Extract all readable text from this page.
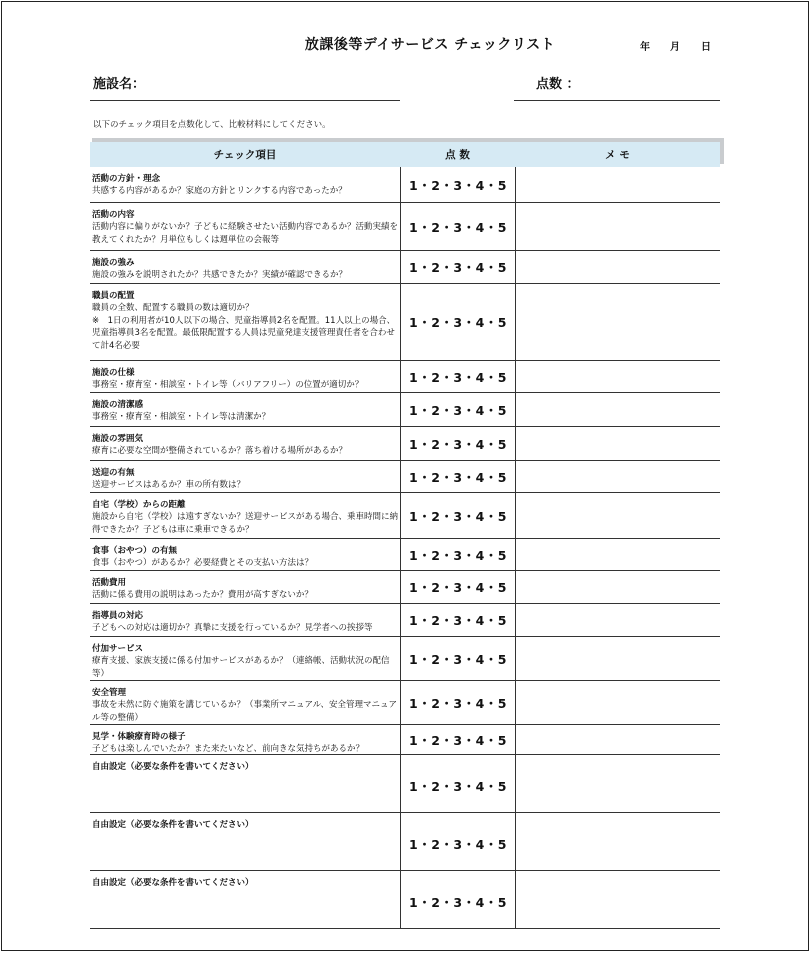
放課後等デイサービス チェックリスト	年 月 日
施設名：	点数 ：
以下のチェック項目を点数化して、比較材料にしてください。
チェック項目	点 数	メ モ
活動の方針・理念
共感する内容があるか？家庭の方針とリンクする内容であったか？	1・2・3・4・5
活動の内容
活動内容に偏りがないか？子どもに経験させたい活動内容であるか？活動実績を教えてくれたか？月単位もしくは週単位の会報等
1・2・3・4・5
施設の強み
施設の強みを説明されたか？共感できたか？実績が確認できるか？	1・2・3・4・5
職員の配置
職員の全数、配置する職員の数は適切か？
※　1日の利用者が10人以下の場合、児童指導員2名を配置。11人以上の場合、児童指導員3名を配置。最低限配置する人員は児童発達支援管理責任者を合わせて計4名必要
1・2・3・4・5
施設の仕様
事務室・療育室・相談室・トイレ等（バリアフリー）の位置が適切か？
1・2・3・4・5
施設の清潔感
事務室・療育室・相談室・トイレ等は清潔か？	1・2・3・4・5
施設の雰囲気
療育に必要な空間が整備されているか？落ち着ける場所があるか？	1・2・3・4・5
送迎の有無
送迎サービスはあるか？車の所有数は？
1・2・3・4・5
自宅（学校）からの距離
施設から自宅（学校）は遠すぎないか？送迎サービスがある場合、乗車時間に納得できたか？子どもは車に乗車できるか？
1・2・3・4・5
食事（おやつ）の有無
食事（おやつ）があるか？必要経費とその支払い方法は？
1・2・3・4・5
活動費用
活動に係る費用の説明はあったか？費用が高すぎないか？	1・2・3・4・5
指導員の対応
子どもへの対応は適切か？真摯に支援を行っているか？見学者への挨拶等	1・2・3・4・5
付加サービス
療育支援、家族支援に係る付加サービスがあるか？（連絡帳、活動状況の配信等）
1・2・3・4・5
安全管理
事故を未然に防ぐ施策を講じているか？（事業所マニュアル、安全管理マニュアル等の整備）
1・2・3・4・5
見学・体験療育時の様子
子どもは楽しんでいたか？また来たいなど、前向きな気持ちがあるか？
1・2・3・4・5
自由設定（必要な条件を書いてください）
1・2・3・4・5
自由設定（必要な条件を書いてください）
1・2・3・4・5
自由設定（必要な条件を書いてください）
1・2・3・4・5
